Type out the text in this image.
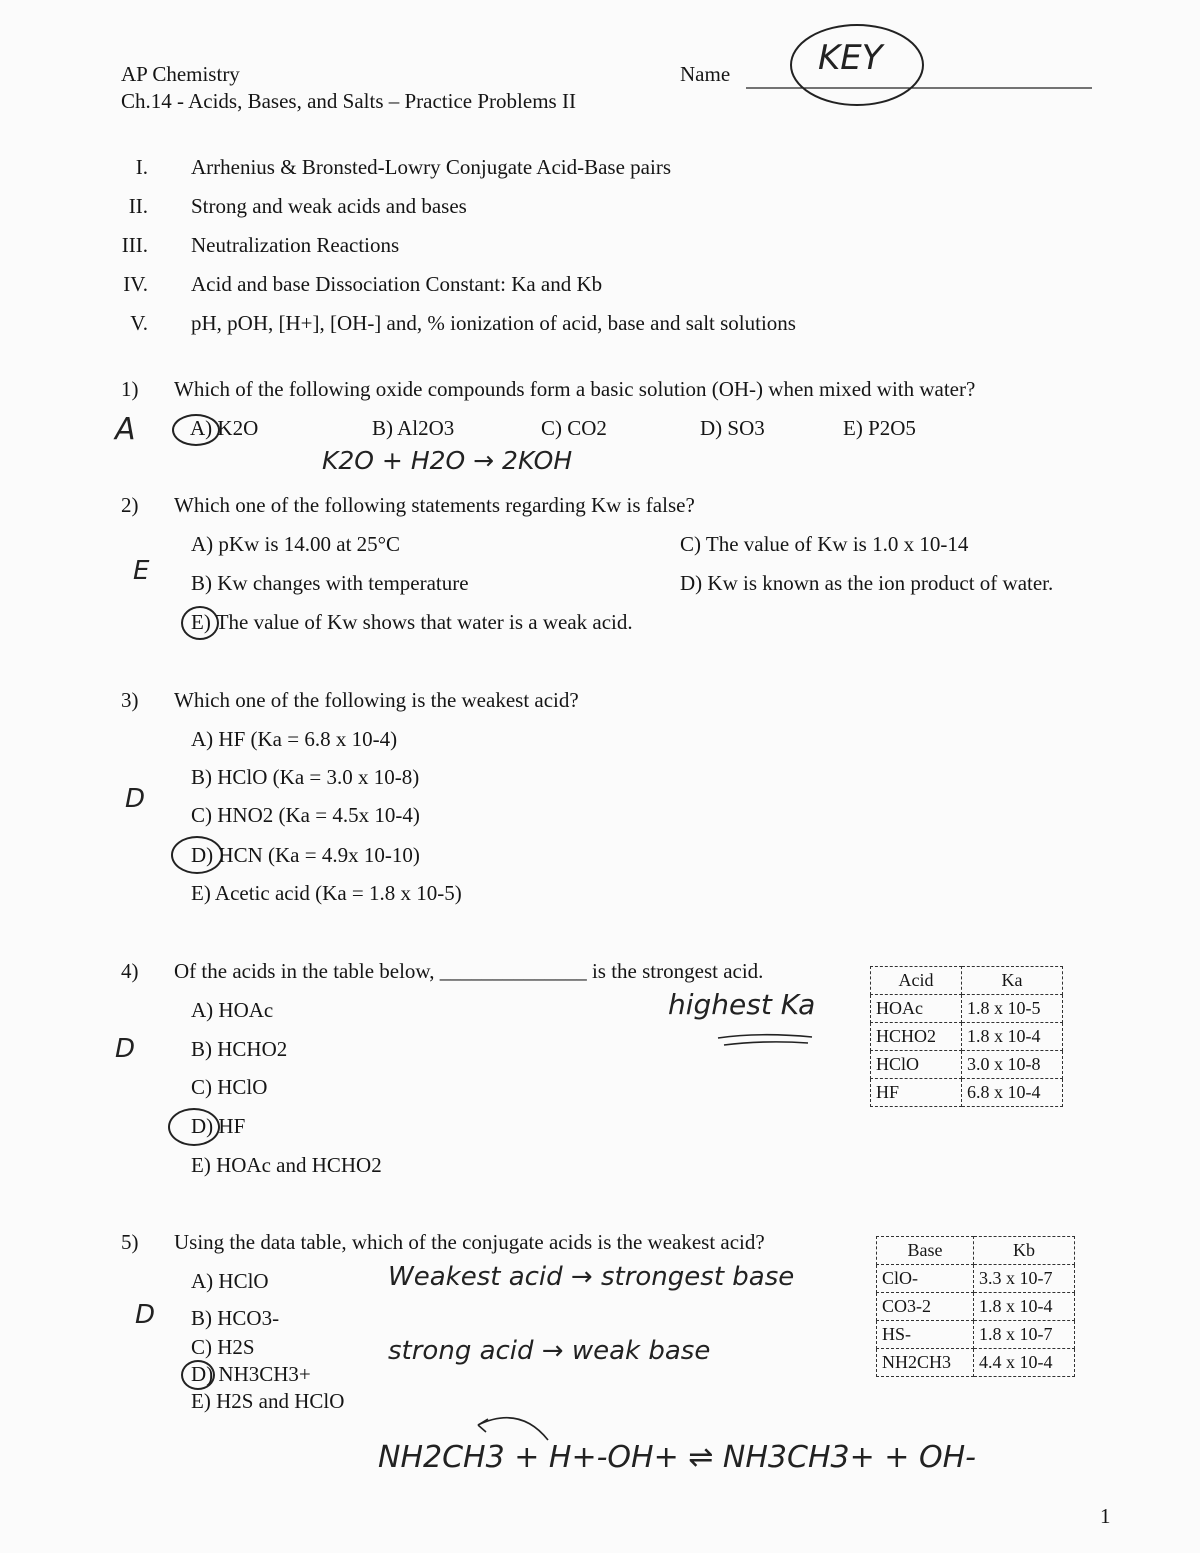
AP Chemistry
Ch.14 - Acids, Bases, and Salts – Practice Problems II
Name	KEY
I. Arrhenius & Bronsted-Lowry Conjugate Acid-Base pairs
II. Strong and weak acids and bases
III. Neutralization Reactions
IV. Acid and base Dissociation Constant: Ka and Kb
V. pH, pOH, [H+], [OH-] and, % ionization of acid, base and salt solutions
1) Which of the following oxide compounds form a basic solution (OH-) when mixed with water?
A	A) K2O	B) Al2O3	C) CO2	D) SO3	E) P2O5
K2O + H2O → 2KOH
2) Which one of the following statements regarding Kw is false?
A) pKw is 14.00 at 25°C	C) The value of Kw is 1.0 x 10-14
E B) Kw changes with temperature	D) Kw is known as the ion product of water.
E) The value of Kw shows that water is a weak acid.
3) Which one of the following is the weakest acid?
A) HF (Ka = 6.8 x 10-4)
B) HClO (Ka = 3.0 x 10-8)
D
C) HNO2 (Ka = 4.5x 10-4)
D) HCN (Ka = 4.9x 10-10)
E) Acetic acid (Ka = 1.8 x 10-5)
4) Of the acids in the table below, ______________ is the strongest acid.
highest Ka
A) HOAc
D	B) HCHO2
C) HClO
D) HF
E) HOAc and HCHO2
Acid	Ka
HOAc	1.8 x 10-5
HCHO2	1.8 x 10-4
HClO	3.0 x 10-8
HF	6.8 x 10-4
5) Using the data table, which of the conjugate acids is the weakest acid?
Weakest acid → strongest base
A) HClO
D B) HCO3-
C) H2S	strong acid → weak base
D) NH3CH3+
E) H2S and HClO
NH2CH3 + H+-OH+ ⇌ NH3CH3+ + OH-
Base	Kb
ClO-	3.3 x 10-7
CO3-2	1.8 x 10-4
HS-	1.8 x 10-7
NH2CH3	4.4 x 10-4
1
